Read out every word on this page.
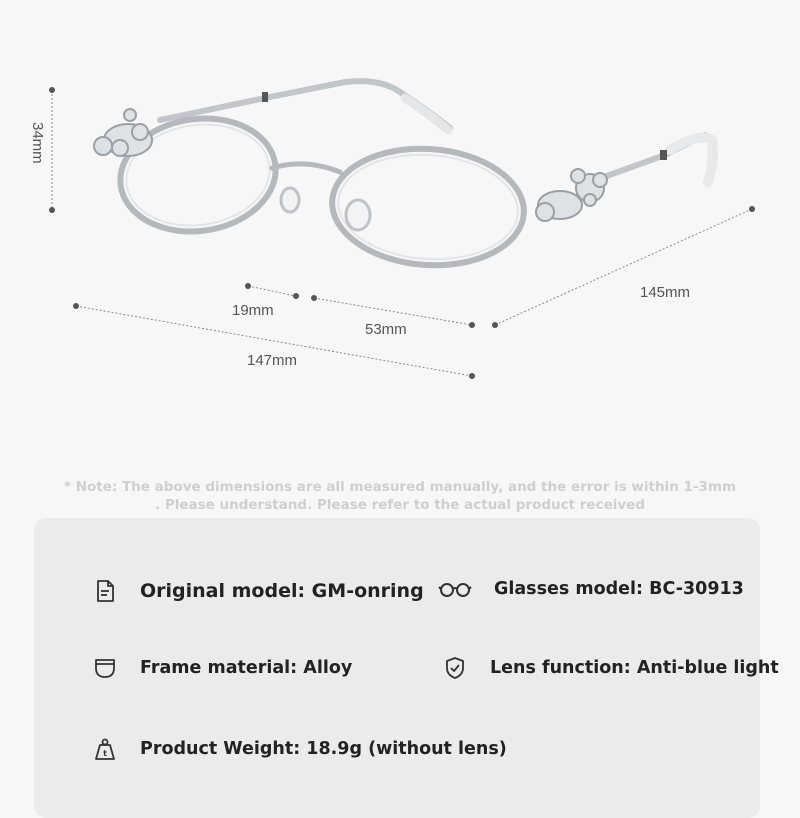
34mm
19mm
53mm
147mm
145mm
* Note: The above dimensions are all measured manually, and the error is within 1-3mm
. Please understand. Please refer to the actual product received
Original model: GM-onring	Glasses model: BC-30913
Frame material: Alloy	Lens function: Anti-blue light
t Product Weight: 18.9g (without lens)
